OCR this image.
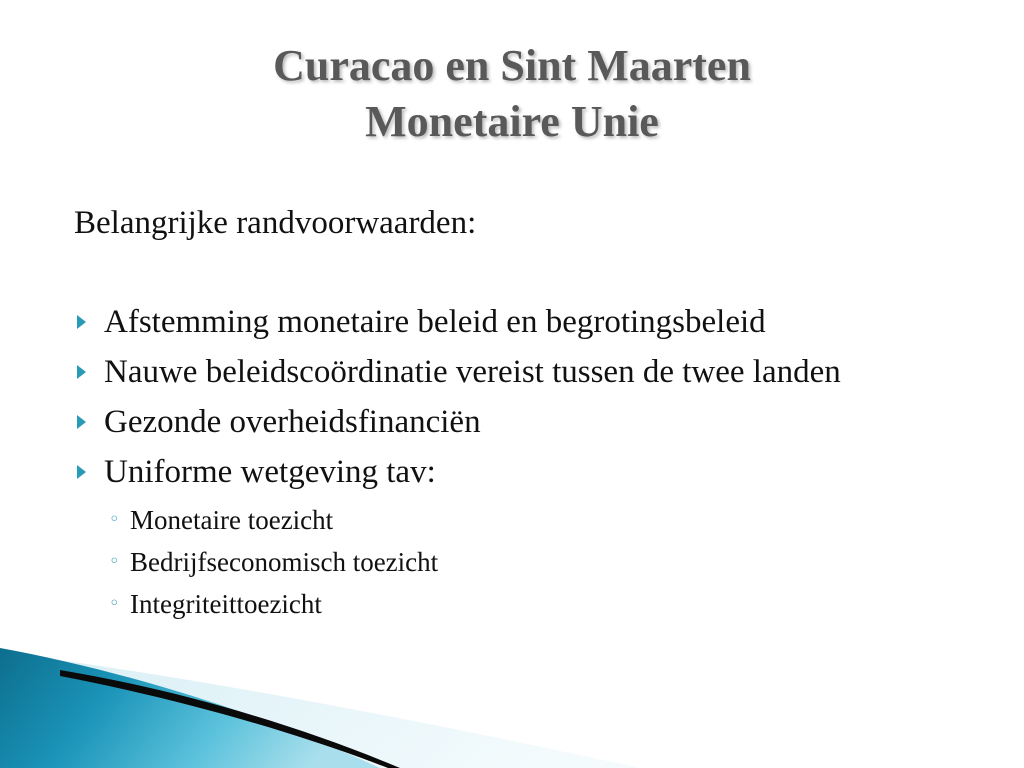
Curacao en Sint Maarten
Monetaire Unie
Belangrijke randvoorwaarden:
Afstemming monetaire beleid en begrotingsbeleid
Nauwe beleidscoördinatie vereist tussen de twee landen
Gezonde overheidsfinanciën
Uniforme wetgeving tav:
◦ Monetaire toezicht
◦ Bedrijfseconomisch toezicht
◦ Integriteittoezicht
